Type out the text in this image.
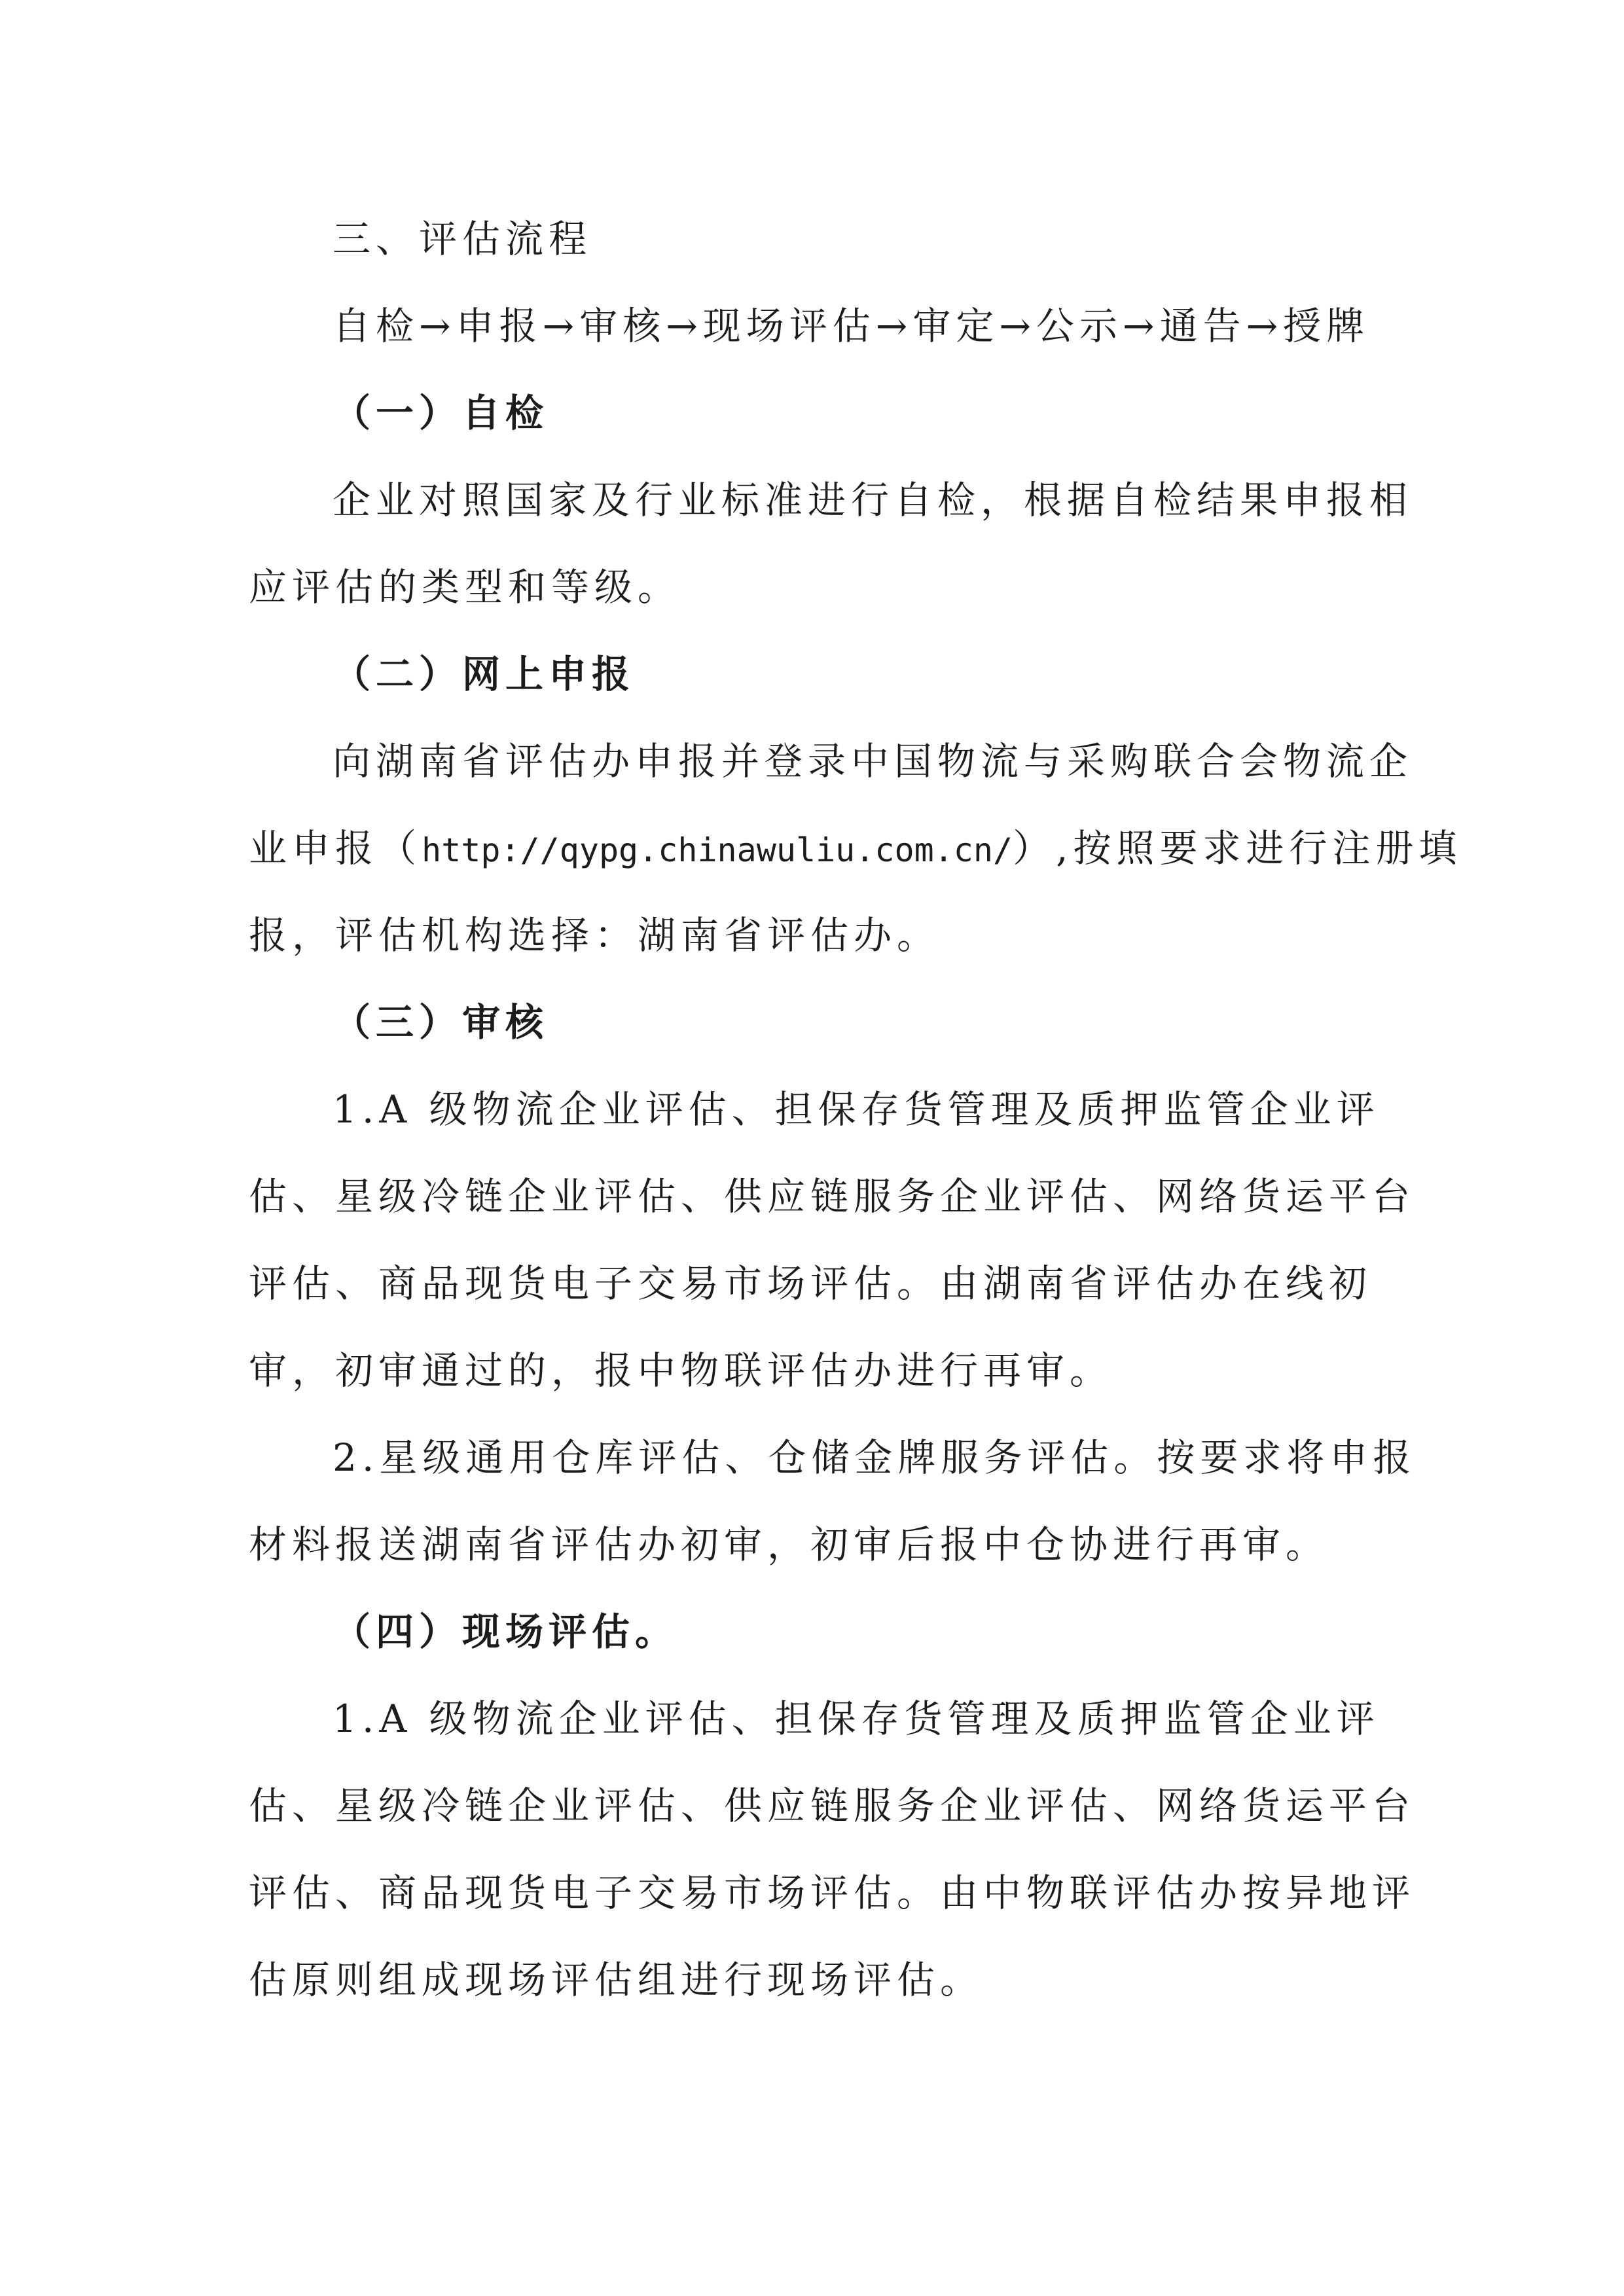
三、评估流程
自检→申报→审核→现场评估→审定→公示→通告→授牌
（一）自检
企业对照国家及行业标准进行自检，根据自检结果申报相
应评估的类型和等级。
（二）网上申报
向湖南省评估办申报并登录中国物流与采购联合会物流企
业申报（http://qypg.chinawuliu.com.cn/）,按照要求进行注册填
报，评估机构选择：湖南省评估办。
（三）审核
1.A 级物流企业评估、担保存货管理及质押监管企业评
估、星级冷链企业评估、供应链服务企业评估、网络货运平台
评估、商品现货电子交易市场评估。由湖南省评估办在线初
审，初审通过的，报中物联评估办进行再审。
2.星级通用仓库评估、仓储金牌服务评估。按要求将申报
材料报送湖南省评估办初审，初审后报中仓协进行再审。
（四）现场评估。
1.A 级物流企业评估、担保存货管理及质押监管企业评
估、星级冷链企业评估、供应链服务企业评估、网络货运平台
评估、商品现货电子交易市场评估。由中物联评估办按异地评
估原则组成现场评估组进行现场评估。
